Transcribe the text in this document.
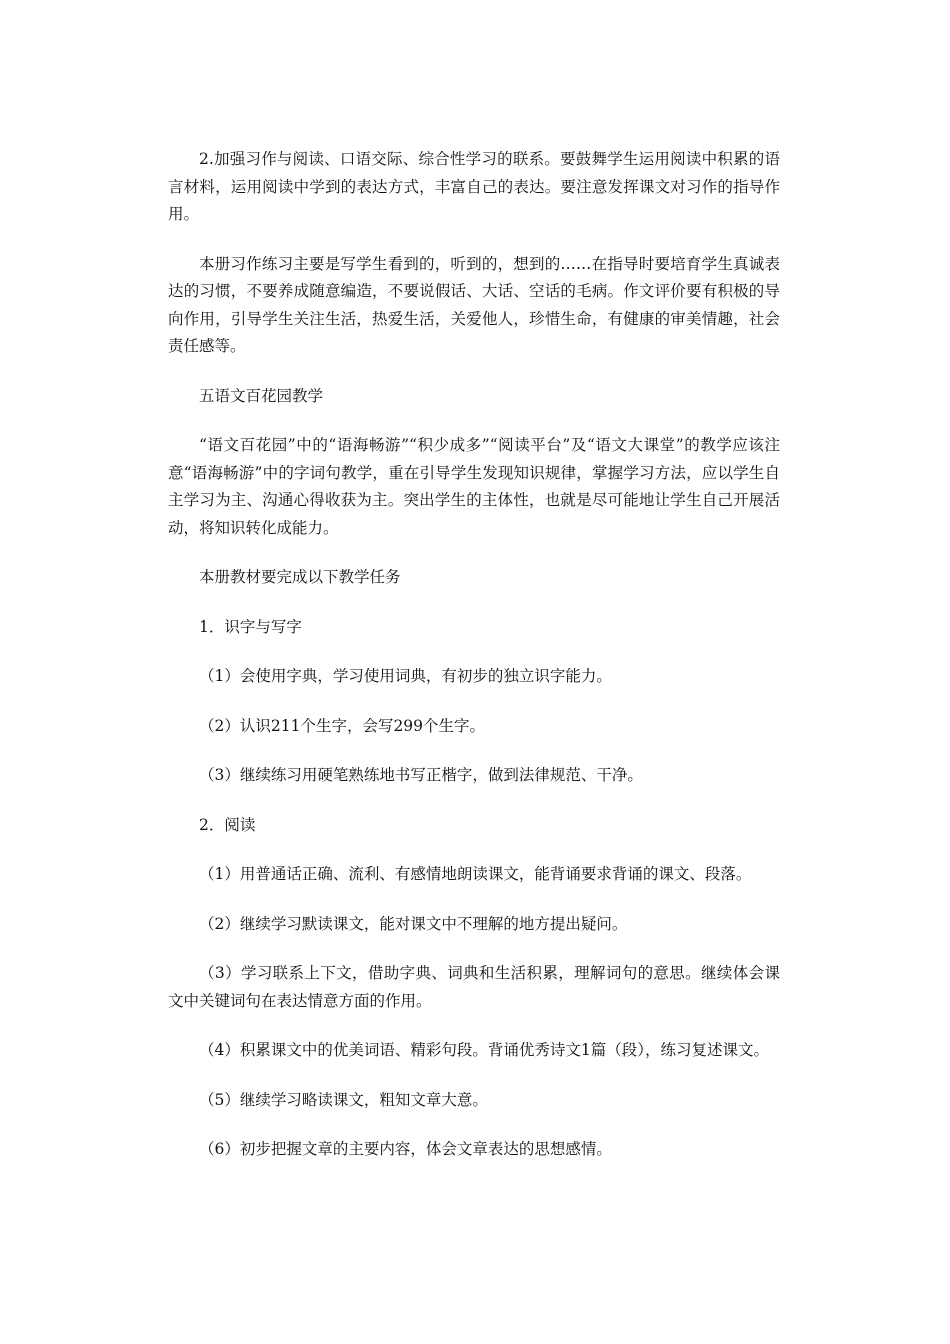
2.加强习作与阅读、口语交际、综合性学习的联系。要鼓舞学生运用阅读中积累的语言材料，运用阅读中学到的表达方式，丰富自己的表达。要注意发挥课文对习作的指导作用。

本册习作练习主要是写学生看到的，听到的，想到的……在指导时要培育学生真诚表达的习惯，不要养成随意编造，不要说假话、大话、空话的毛病。作文评价要有积极的导向作用，引导学生关注生活，热爱生活，关爱他人，珍惜生命，有健康的审美情趣，社会责任感等。

五语文百花园教学

“语文百花园”中的“语海畅游”“积少成多”“阅读平台”及“语文大课堂”的教学应该注意“语海畅游”中的字词句教学，重在引导学生发现知识规律，掌握学习方法，应以学生自主学习为主、沟通心得收获为主。突出学生的主体性，也就是尽可能地让学生自己开展活动，将知识转化成能力。

本册教材要完成以下教学任务

1．识字与写字

（1）会使用字典，学习使用词典，有初步的独立识字能力。

（2）认识211个生字，会写299个生字。

（3）继续练习用硬笔熟练地书写正楷字，做到法律规范、干净。

2．阅读

（1）用普通话正确、流利、有感情地朗读课文，能背诵要求背诵的课文、段落。

（2）继续学习默读课文，能对课文中不理解的地方提出疑问。

（3）学习联系上下文，借助字典、词典和生活积累，理解词句的意思。继续体会课文中关键词句在表达情意方面的作用。

（4）积累课文中的优美词语、精彩句段。背诵优秀诗文1篇（段），练习复述课文。

（5）继续学习略读课文，粗知文章大意。

（6）初步把握文章的主要内容，体会文章表达的思想感情。
